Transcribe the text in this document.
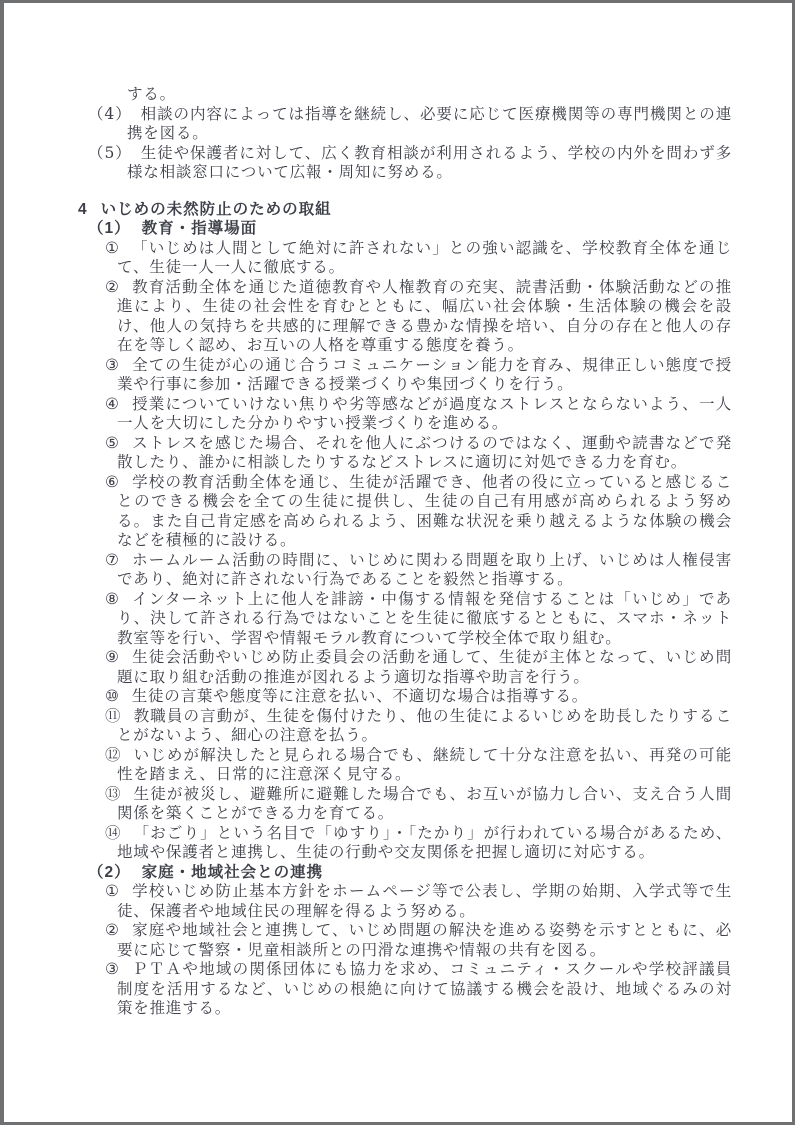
する。

（4） 相談の内容によっては指導を継続し、必要に応じて医療機関等の専門機関との連携を図る。

（5） 生徒や保護者に対して、広く教育相談が利用されるよう、学校の内外を問わず多様な相談窓口について広報・周知に努める。

4 いじめの未然防止のための取組

（1） 教育・指導場面

① 「いじめは人間として絶対に許されない」との強い認識を、学校教育全体を通じて、生徒一人一人に徹底する。

② 教育活動全体を通じた道徳教育や人権教育の充実、読書活動・体験活動などの推進により、生徒の社会性を育むとともに、幅広い社会体験・生活体験の機会を設け、他人の気持ちを共感的に理解できる豊かな情操を培い、自分の存在と他人の存在を等しく認め、お互いの人格を尊重する態度を養う。

③ 全ての生徒が心の通じ合うコミュニケーション能力を育み、規律正しい態度で授業や行事に参加・活躍できる授業づくりや集団づくりを行う。

④ 授業についていけない焦りや劣等感などが過度なストレスとならないよう、一人一人を大切にした分かりやすい授業づくりを進める。

⑤ ストレスを感じた場合、それを他人にぶつけるのではなく、運動や読書などで発散したり、誰かに相談したりするなどストレスに適切に対処できる力を育む。

⑥ 学校の教育活動全体を通じ、生徒が活躍でき、他者の役に立っていると感じることのできる機会を全ての生徒に提供し、生徒の自己有用感が高められるよう努める。また自己肯定感を高められるよう、困難な状況を乗り越えるような体験の機会などを積極的に設ける。

⑦ ホームルーム活動の時間に、いじめに関わる問題を取り上げ、いじめは人権侵害であり、絶対に許されない行為であることを毅然と指導する。

⑧ インターネット上に他人を誹謗・中傷する情報を発信することは「いじめ」であり、決して許される行為ではないことを生徒に徹底するとともに、スマホ・ネット教室等を行い、学習や情報モラル教育について学校全体で取り組む。

⑨ 生徒会活動やいじめ防止委員会の活動を通して、生徒が主体となって、いじめ問題に取り組む活動の推進が図れるよう適切な指導や助言を行う。

⑩ 生徒の言葉や態度等に注意を払い、不適切な場合は指導する。

⑪ 教職員の言動が、生徒を傷付けたり、他の生徒によるいじめを助長したりすることがないよう、細心の注意を払う。

⑫ いじめが解決したと見られる場合でも、継続して十分な注意を払い、再発の可能性を踏まえ、日常的に注意深く見守る。

⑬ 生徒が被災し、避難所に避難した場合でも、お互いが協力し合い、支え合う人間関係を築くことができる力を育てる。

⑭ 「おごり」という名目で「ゆすり」・「たかり」が行われている場合があるため、地域や保護者と連携し、生徒の行動や交友関係を把握し適切に対応する。

（2） 家庭・地域社会との連携

① 学校いじめ防止基本方針をホームページ等で公表し、学期の始期、入学式等で生徒、保護者や地域住民の理解を得るよう努める。

② 家庭や地域社会と連携して、いじめ問題の解決を進める姿勢を示すとともに、必要に応じて警察・児童相談所との円滑な連携や情報の共有を図る。

③ ＰＴＡや地域の関係団体にも協力を求め、コミュニティ・スクールや学校評議員制度を活用するなど、いじめの根絶に向けて協議する機会を設け、地域ぐるみの対策を推進する。
